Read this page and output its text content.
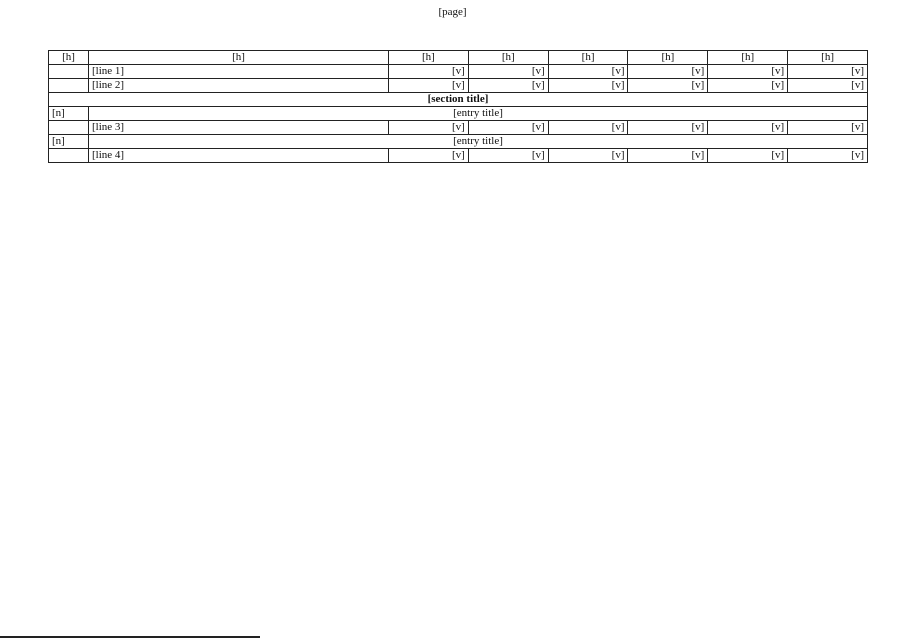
[page]
[h]	[h]	[h]	[h]	[h]	[h]	[h]	[h]
	[line 1]	[v]	[v]	[v]	[v]	[v]	[v]
	[line 2]	[v]	[v]	[v]	[v]	[v]	[v]
[section title]							
[n]	[entry title]						
	[line 3]	[v]	[v]	[v]	[v]	[v]	[v]
[n]	[entry title]						
	[line 4]	[v]	[v]	[v]	[v]	[v]	[v]
